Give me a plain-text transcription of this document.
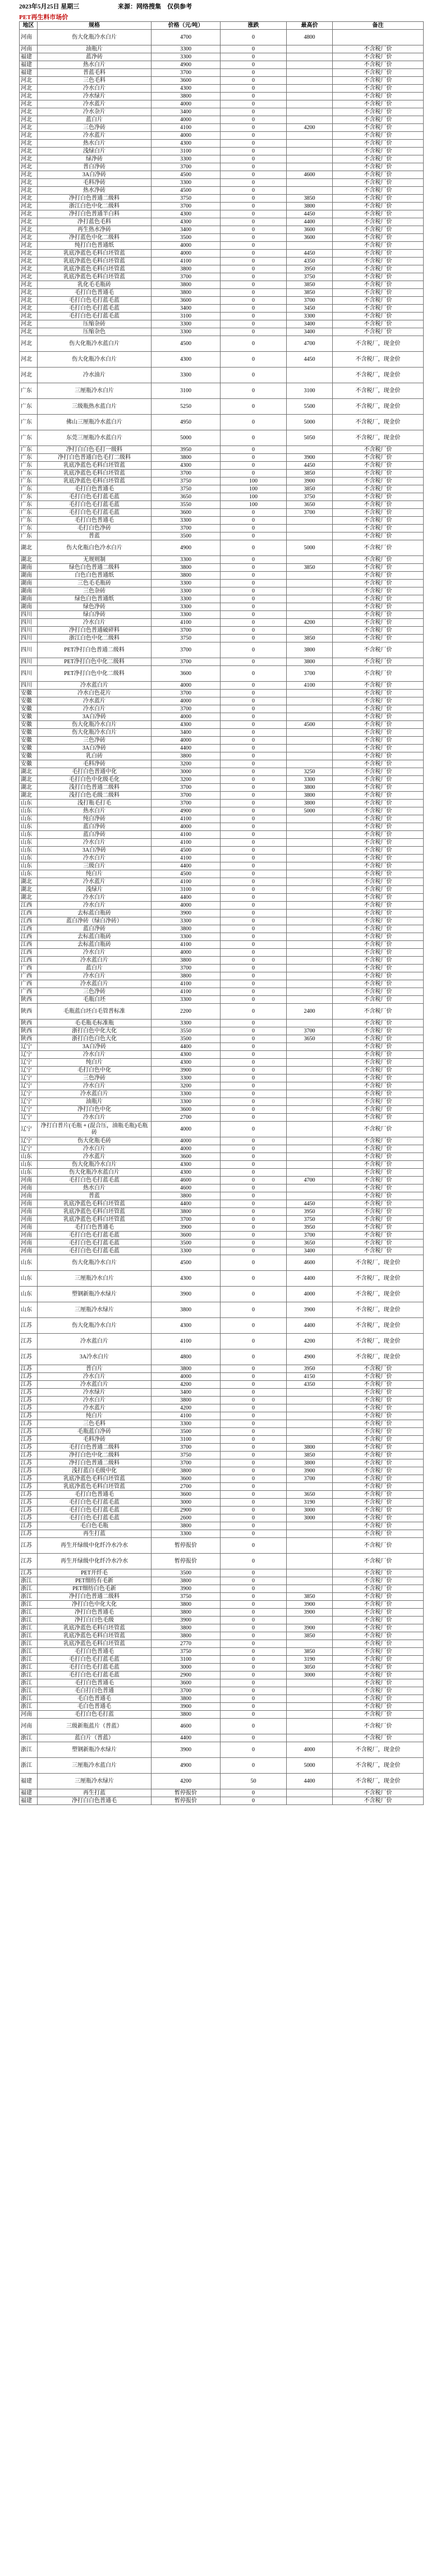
2023年5月25日 星期三	来源：网络搜集	仅供参考
PET再生料市场价
地区	规格	价格（元/吨）	涨跌	最高价	备注
河南	伤大化瓶冷水白片	4700	0	4800	
河南	油瓶片	3300	0		不含税厂价
福建	蓝净砖	3300	0		不含税厂价
福建	热水白片	4900	0		不含税厂价
福建	普蓝毛料	3700	0		不含税厂价
河北	三色毛料	3600	0		不含税厂价
河北	冷水白片	4300	0		不含税厂价
河北	冷水绿片	3800	0		不含税厂价
河北	冷水蓝片	4000	0		不含税厂价
河北	冷水杂片	3400	0		不含税厂价
河北	蓝白片	4000	0		不含税厂价
河北	三色净砖	4100	0	4200	不含税厂价
河北	冷水蓝片	4000	0		不含税厂价
河北	热水白片	4300	0		不含税厂价
河北	浅绿白片	3100	0		不含税厂价
河北	绿净砖	3300	0		不含税厂价
河北	普白净砖	3700	0		不含税厂价
河北	3A白净砖	4500	0	4600	不含税厂价
河北	毛料净砖	3300	0		不含税厂价
河北	热水净砖	4500	0		不含税厂价
河北	净打白色普通二级料	3750	0	3850	不含税厂价
河北	浙江白色中化二级料	3700	0	3800	不含税厂价
河北	净打白色普通半白料	4300	0	4450	不含税厂价
河北	净打蓝色毛料	4300	0	4400	不含税厂价
河北	再生热水净砖	3400	0	3600	不含税厂价
河北	净打蓝色中化二级料	3500	0	3600	不含税厂价
河北	纯打白色普通纸	4000	0		不含税厂价
河北	乳底净蓝色毛料白坯管蓝	4000	0	4450	不含税厂价
河北	乳底净蓝色毛料白坯管蓝	4100	0	4350	不含税厂价
河北	乳底净蓝色毛料白坯管蓝	3800	0	3950	不含税厂价
河北	乳底净蓝色毛料白坯管蓝	3700	0	3750	不含税厂价
河北	乳化毛毛瓶砖	3800	0	3850	不含税厂价
河北	毛打白色普通毛	3800	0	3850	不含税厂价
河北	毛打白色毛打蓝毛蓝	3600	0	3700	不含税厂价
河北	毛打白色毛打蓝毛蓝	3400	0	3450	不含税厂价
河北	毛打白色毛打蓝毛蓝	3100	0	3300	不含税厂价
河北	压缩杂砖	3300	0	3400	不含税厂价
河北	压缩杂色	3300	0	3400	不含税厂价
河北	伤大化瓶冷水蓝白片	4500	0	4700	不含税厂，现金价
河北	伤大化瓶冷水白片	4300	0	4450	不含税厂，现金价
河北	冷水油片	3300	0		不含税厂，现金价
广东	三厘瓶冷水白片	3100	0	3100	不含税厂，现金价
广东	三级瓶热水蓝白片	5250	0	5500	不含税厂，现金价
广东	佛山三厘瓶冷水蓝白片	4950	0	5000	不含税厂，现金价
广东	东莞三厘瓶冷水蓝白片	5000	0	5050	不含税厂，现金价
广东	净打白白色毛打一级料	3950	0		不含税厂价
广东	净打白色普通白色毛打二级料	3800	0	3900	不含税厂价
广东	乳底净蓝色毛料白坯管蓝	4300	0	4450	不含税厂价
广东	乳底净蓝色毛料白坯管蓝	3700	0	3850	不含税厂价
广东	乳底净蓝色毛料白坯管蓝	3750	100	3900	不含税厂价
广东	毛打白色普通毛	3750	100	3850	不含税厂价
广东	毛打白色毛打蓝毛蓝	3650	100	3750	不含税厂价
广东	毛打白色毛打蓝毛蓝	3550	100	3650	不含税厂价
广东	毛打白色毛打蓝毛蓝	3600	0	3700	不含税厂价
广东	毛打白色普通毛	3300	0		不含税厂价
广东	毛打白色净砖	3700	0		不含税厂价
广东	普蓝	3500	0		不含税厂价
湖北	伤大化瓶白色冷水白片	4900	0	5000	不含税厂价
湖北	无规则制	3300	0		不含税厂价
湖南	绿色白色普通二级料	3800	0	3850	不含税厂价
湖南	白色白色普通纸	3800	0		不含税厂价
湖南	三色毛毛瓶砖	3300	0		不含税厂价
湖南	三色杂砖	3300	0		不含税厂价
湖南	绿色白色普通纸	3300	0		不含税厂价
湖南	绿色净砖	3300	0		不含税厂价
四川	绿白净砖	3300	0		不含税厂价
四川	冷水白片	4100	0	4200	不含税厂价
四川	净打白色普通破碎料	3700	0		不含税厂价
四川	浙江白色中化二级料	3750	0	3850	不含税厂价
四川	PET净打白色普通二级料	3700	0	3800	不含税厂价
四川	PET净打白色中化二级料	3700	0	3800	不含税厂价
四川	PET净打白色中化二级料	3600	0	3700	不含税厂价
四川	冷水蓝白片	4000	0	4100	不含税厂价
安徽	冷水白色花片	3700	0		不含税厂价
安徽	冷水蓝片	4000	0		不含税厂价
安徽	冷水白片	3700	0		不含税厂价
安徽	3A白净砖	4000	0		不含税厂价
安徽	伤大化瓶冷水白片	4300	0	4500	不含税厂价
安徽	伤大化瓶冷水白片	3400	0		不含税厂价
安徽	三色净砖	4000	0		不含税厂价
安徽	3A白净砖	4400	0		不含税厂价
安徽	乳白砖	3800	0		不含税厂价
安徽	毛料净砖	3200	0		不含税厂价
湖北	毛打白色普通中化	3000	0	3250	不含税厂价
湖北	毛打白色中化级毛化	3200	0	3300	不含税厂价
湖北	浅打白色普通二级料	3700	0	3800	不含税厂价
湖北	浅打白色毛级二级料	3700	0	3800	不含税厂价
山东	浅打瓶毛打毛	3700	0	3800	不含税厂价
山东	热水白片	4900	0	5000	不含税厂价
山东	纯白净砖	4100	0		不含税厂价
山东	蓝白净砖	4000	0		不含税厂价
山东	蓝白净砖	4100	0		不含税厂价
山东	冷水白片	4100	0		不含税厂价
山东	3A白净砖	4500	0		不含税厂价
山东	冷水白片	4100	0		不含税厂价
山东	三级白片	4400	0		不含税厂价
山东	纯白片	4500	0		不含税厂价
湖北	冷水蓝片	4100	0		不含税厂价
湖北	浅绿片	3100	0		不含税厂价
湖北	冷水白片	4400	0		不含税厂价
江西	冷水白片	4000	0		不含税厂价
江西	去标蓝白瓶砖	3900	0		不含税厂价
江西	蓝白净砖（绿白净砖）	3300	0		不含税厂价
江西	蓝白净砖	3800	0		不含税厂价
江西	去标蓝白瓶砖	3300	0		不含税厂价
江西	去标蓝白瓶砖	4100	0		不含税厂价
江西	冷水白片	4000	0		不含税厂价
江西	冷水蓝白片	3800	0		不含税厂价
广西	蓝白片	3700	0		不含税厂价
广西	冷水白片	3800	0		不含税厂价
广西	冷水蓝白片	4100	0		不含税厂价
广西	三色净砖	4100	0		不含税厂价
陕西	毛瓶白坯	3300	0		不含税厂价
陕西	毛瓶蓝白坯白毛管普标准	2200	0	2400	不含税厂价
陕西	毛毛瓶毛标准瓶	3300	0		不含税厂价
陕西	浙打白色中化大化	3550	0	3700	不含税厂价
陕西	浙打白色白色大化	3500	0	3650	不含税厂价
辽宁	3A白净砖	4400	0		不含税厂价
辽宁	冷水白片	4300	0		不含税厂价
辽宁	纯白片	4300	0		不含税厂价
辽宁	毛打白色中化	3900	0		不含税厂价
辽宁	三色净砖	3300	0		不含税厂价
辽宁	冷水白片	3200	0		不含税厂价
辽宁	冷水蓝白片	3300	0		不含税厂价
辽宁	油瓶片	3300	0		不含税厂价
辽宁	净打白色中化	3600	0		不含税厂价
辽宁	冷水白片	2700	0		不含税厂价
辽宁	净打白普片(毛瓶 + (混合压，油瓶毛瓶)毛瓶砖	4000	0		不含税厂价
辽宁	伤大化瓶毛砖	4000	0		不含税厂价
辽宁	冷水白片	4000	0		不含税厂价
山东	冷水蓝片	3600	0		不含税厂价
山东	伤大化瓶冷水白片	4300	0		不含税厂价
山东	伤大化瓶冷水蓝白片	4300	0		不含税厂价
河南	毛打白色毛打蓝毛蓝	4600	0	4700	不含税厂价
河南	热水白片	4600	0		不含税厂价
河南	普蓝	3800	0		不含税厂价
河南	乳底净蓝色毛料白坯管蓝	4400	0	4450	不含税厂价
河南	乳底净蓝色毛料白坯管蓝	3800	0	3950	不含税厂价
河南	乳底净蓝色毛料白坯管蓝	3700	0	3750	不含税厂价
河南	毛打白色普通毛	3900	0	3950	不含税厂价
河南	毛打白色毛打蓝毛蓝	3600	0	3700	不含税厂价
河南	毛打白色毛打蓝毛蓝	3500	0	3650	不含税厂价
河南	毛打白色毛打蓝毛蓝	3300	0	3400	不含税厂价
山东	伤大化瓶冷水白片	4500	0	4600	不含税厂，现金价
山东	三厘瓶冷水白片	4300	0	4400	不含税厂，现金价
山东	塑钢新瓶冷水绿片	3900	0	4000	不含税厂，现金价
山东	三厘瓶冷水绿片	3800	0	3900	不含税厂，现金价
江苏	伤大化瓶冷水白片	4300	0	4400	不含税厂，现金价
江苏	冷水蓝白片	4100	0	4200	不含税厂，现金价
江苏	3A冷水白片	4800	0	4900	不含税厂，现金价
江苏	普白片	3800	0	3950	不含税厂价
江苏	冷水白片	4000	0	4150	不含税厂价
江苏	冷水蓝白片	4200	0	4350	不含税厂价
江苏	冷水绿片	3400	0		不含税厂价
江苏	冷水白片	3800	0		不含税厂价
江苏	冷水蓝片	4200	0		不含税厂价
江苏	纯白片	4100	0		不含税厂价
江苏	三色毛料	3300	0		不含税厂价
江苏	毛瓶蓝白净砖	3500	0		不含税厂价
江苏	毛料净砖	3100	0		不含税厂价
江苏	毛打白色普通二级料	3700	0	3800	不含税厂价
江苏	净打白色中化二级料	3750	0	3850	不含税厂价
江苏	净打白色普通二级料	3700	0	3800	不含税厂价
江苏	浅打蓝白毛级中化	3800	0	3900	不含税厂价
江苏	乳底净蓝色毛料白坯管蓝	3600	0	3700	不含税厂价
江苏	乳底净蓝色毛料白坯管蓝	2700	0		不含税厂价
江苏	毛打白色普通毛	3600	0	3650	不含税厂价
江苏	毛打白色毛打蓝毛蓝	3000	0	3190	不含税厂价
江苏	毛打白色毛打蓝毛蓝	2900	0	3000	不含税厂价
江苏	毛打白色毛打蓝毛蓝	2600	0	3000	不含税厂价
江苏	毛白色毛瓶	3800	0		不含税厂价
江苏	再生打蓝	3300	0		不含税厂价
江苏	再生开绿级中化纤冷水冷水	暂停报价	0		不含税厂价
江苏	再生开绿级中化纤冷水冷水	暂停报价	0		不含税厂价
江苏	PET开纤毛	3500	0		不含税厂价
浙江	PET细纺有毛新	3800	0		不含税厂价
浙江	PET细纺白色毛新	3900	0		不含税厂价
浙江	净打白色普通二级料	3750	0	3850	不含税厂价
浙江	净打白色中化大化	3800	0	3900	不含税厂价
浙江	净打白色普通毛	3800	0	3900	不含税厂价
浙江	净打白白色毛级	3900	0		不含税厂价
浙江	乳底净蓝色毛料白坯管蓝	3800	0	3900	不含税厂价
浙江	乳底净蓝色毛料白坯管蓝	3800	0	3850	不含税厂价
浙江	乳底净蓝色毛料白坯管蓝	2770	0		不含税厂价
浙江	毛打白色普通毛	3750	0	3850	不含税厂价
浙江	毛打白色毛打蓝毛蓝	3100	0	3190	不含税厂价
浙江	毛打白色毛打蓝毛蓝	3000	0	3050	不含税厂价
浙江	毛打白色毛打蓝毛蓝	2900	0	3000	不含税厂价
浙江	毛打白色普通毛	3600	0		不含税厂价
浙江	毛白打白色普通	3700	0		不含税厂价
浙江	毛白色普通毛	3800	0		不含税厂价
浙江	毛白色普通毛	3900	0		不含税厂价
河南	毛打白色毛打蓝	3800	0		不含税厂价
河南	三级新瓶蓝片（普蓝）	4600	0		不含税厂价
浙江	蓝白片（普蓝）	4400	0		不含税厂价
浙江	塑钢新瓶冷水绿片	3900	0	4000	不含税厂，现金价
浙江	三厘瓶冷水蓝白片	4900	0	5000	不含税厂，现金价
福建	三厘瓶冷水绿片	4200	50	4400	不含税厂，现金价
福建	再生打蓝	暂停报价	0		不含税厂价
福建	净打白白色普通毛	暂停报价	0		不含税厂价
